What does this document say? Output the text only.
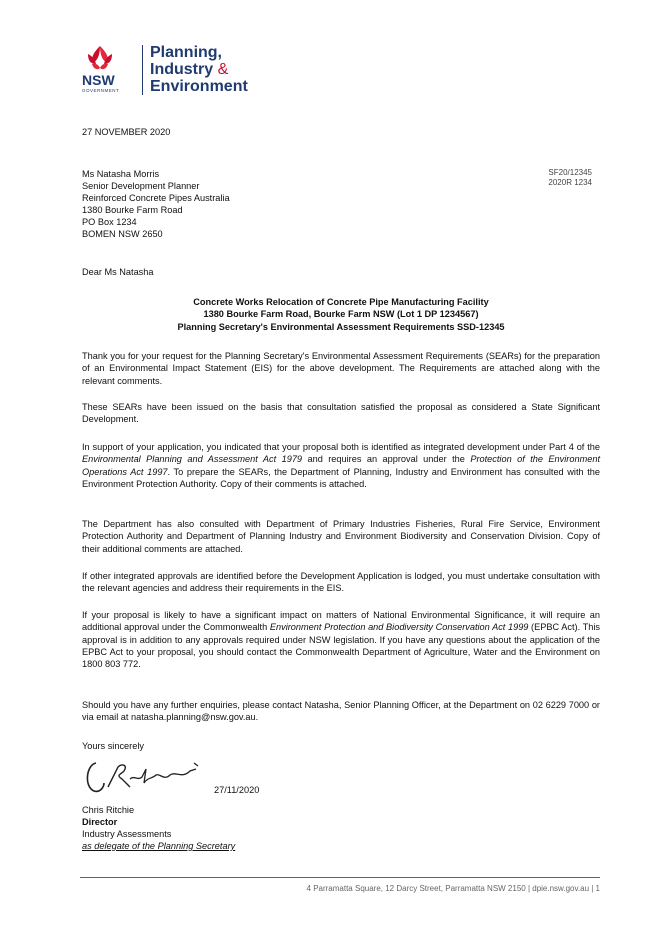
NSW
GOVERNMENT
Planning,
Industry &
Environment
27 NOVEMBER 2020
SF20/12345
2020R 1234
Ms Natasha Morris
Senior Development Planner
Reinforced Concrete Pipes Australia
1380 Bourke Farm Road
PO Box 1234
BOMEN NSW 2650
Dear Ms Natasha
Concrete Works Relocation of Concrete Pipe Manufacturing Facility
1380 Bourke Farm Road, Bourke Farm NSW (Lot 1 DP 1234567)
Planning Secretary's Environmental Assessment Requirements SSD-12345

Thank you for your request for the Planning Secretary's Environmental Assessment Requirements (SEARs) for the preparation of an Environmental Impact Statement (EIS) for the above development. The Requirements are attached along with the relevant comments.

These SEARs have been issued on the basis that consultation satisfied the proposal as considered a State Significant Development.

In support of your application, you indicated that your proposal both is identified as integrated development under Part 4 of the Environmental Planning and Assessment Act 1979 and requires an approval under the Protection of the Environment Operations Act 1997. To prepare the SEARs, the Department of Planning, Industry and Environment has consulted with the Environment Protection Authority. Copy of their comments is attached.

The Department has also consulted with Department of Primary Industries Fisheries, Rural Fire Service, Environment Protection Authority and Department of Planning Industry and Environment Biodiversity and Conservation Division. Copy of their additional comments are attached.

If other integrated approvals are identified before the Development Application is lodged, you must undertake consultation with the relevant agencies and address their requirements in the EIS.

If your proposal is likely to have a significant impact on matters of National Environmental Significance, it will require an additional approval under the Commonwealth Environment Protection and Biodiversity Conservation Act 1999 (EPBC Act). This approval is in addition to any approvals required under NSW legislation. If you have any questions about the application of the EPBC Act to your proposal, you should contact the Commonwealth Department of Agriculture, Water and the Environment on 1800 803 772.

Should you have any further enquiries, please contact Natasha, Senior Planning Officer, at the Department on 02 6229 7000 or via email at natasha.planning@nsw.gov.au.

Yours sincerely
27/11/2020
Chris Ritchie
Director
Industry Assessments
as delegate of the Planning Secretary
4 Parramatta Square, 12 Darcy Street, Parramatta NSW 2150 | dpie.nsw.gov.au | 1
